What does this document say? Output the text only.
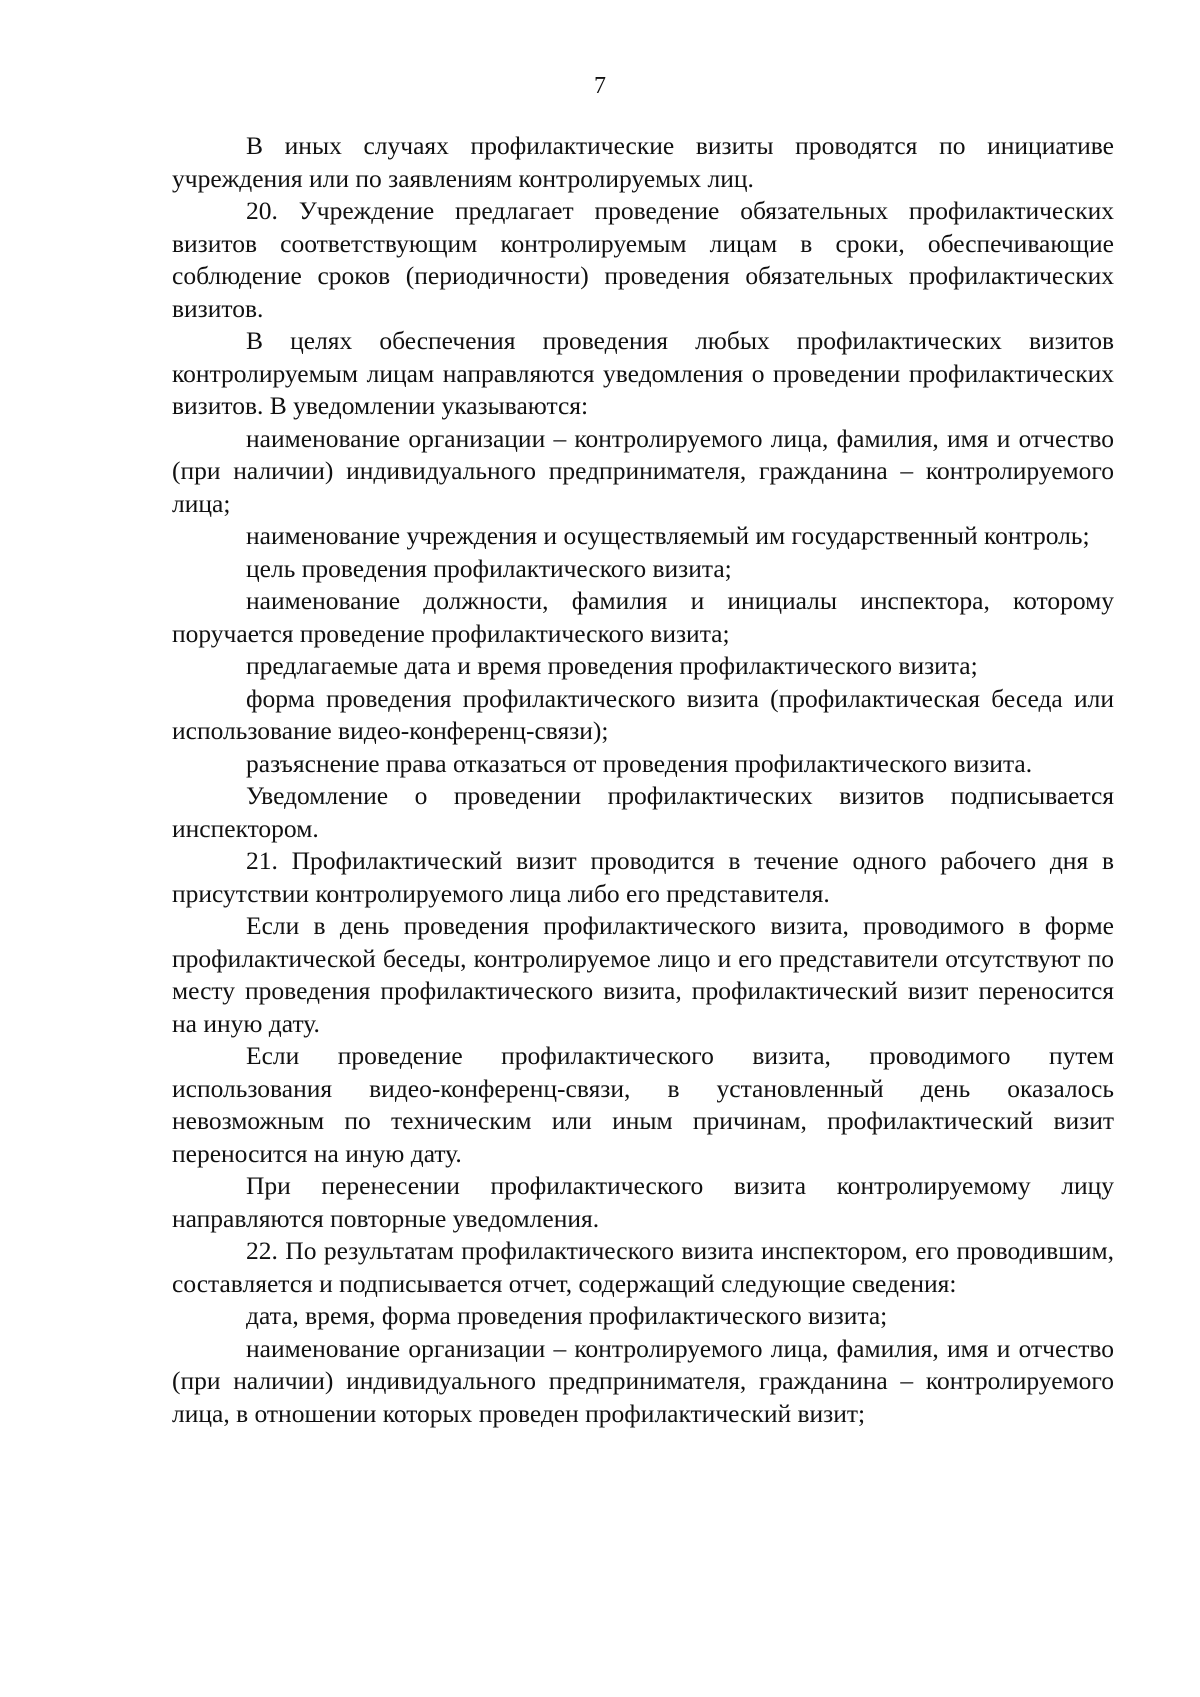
7

В иных случаях профилактические визиты проводятся по инициативе учреждения или по заявлениям контролируемых лиц.

20. Учреждение предлагает проведение обязательных профилактических визитов соответствующим контролируемым лицам в сроки, обеспечивающие соблюдение сроков (периодичности) проведения обязательных профилактических визитов.

В целях обеспечения проведения любых профилактических визитов контролируемым лицам направляются уведомления о проведении профилактических визитов. В уведомлении указываются:

наименование организации – контролируемого лица, фамилия, имя и отчество (при наличии) индивидуального предпринимателя, гражданина – контролируемого лица;

наименование учреждения и осуществляемый им государственный контроль;

цель проведения профилактического визита;

наименование должности, фамилия и инициалы инспектора, которому поручается проведение профилактического визита;

предлагаемые дата и время проведения профилактического визита;

форма проведения профилактического визита (профилактическая беседа или использование видео-конференц-связи);

разъяснение права отказаться от проведения профилактического визита.

Уведомление о проведении профилактических визитов подписывается инспектором.

21. Профилактический визит проводится в течение одного рабочего дня в присутствии контролируемого лица либо его представителя.

Если в день проведения профилактического визита, проводимого в форме профилактической беседы, контролируемое лицо и его представители отсутствуют по месту проведения профилактического визита, профилактический визит переносится на иную дату.

Если проведение профилактического визита, проводимого путем использования видео-конференц-связи, в установленный день оказалось невозможным по техническим или иным причинам, профилактический визит переносится на иную дату.

При перенесении профилактического визита контролируемому лицу направляются повторные уведомления.

22. По результатам профилактического визита инспектором, его проводившим, составляется и подписывается отчет, содержащий следующие сведения:

дата, время, форма проведения профилактического визита;

наименование организации – контролируемого лица, фамилия, имя и отчество (при наличии) индивидуального предпринимателя, гражданина – контролируемого лица, в отношении которых проведен профилактический визит;
